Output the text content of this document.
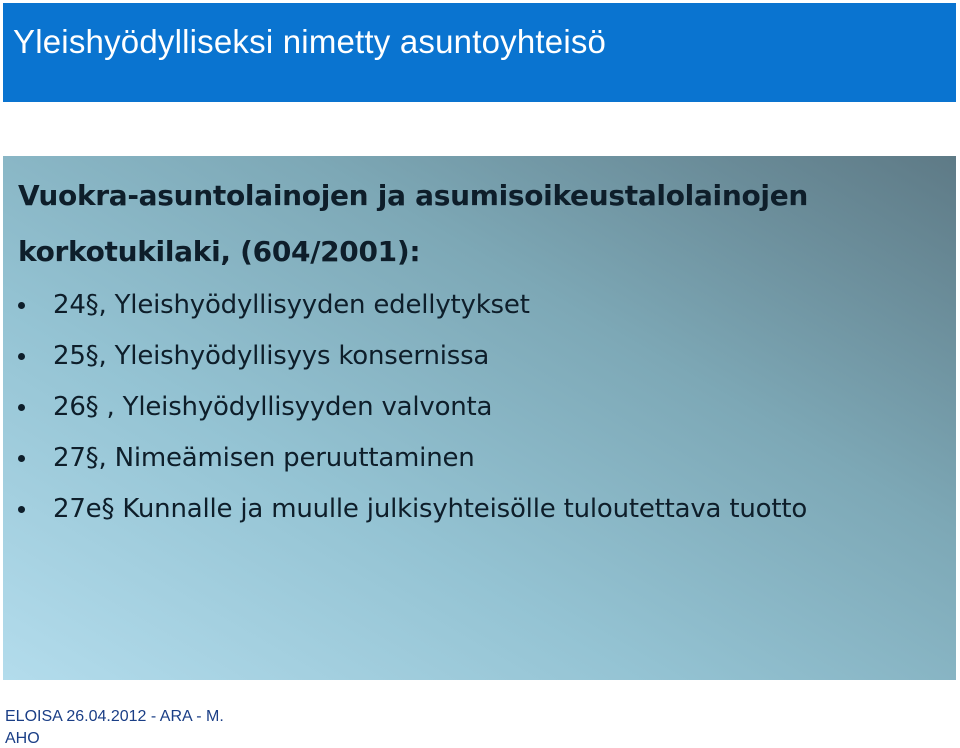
Yleishyödylliseksi nimetty asuntoyhteisö
Vuokra-asuntolainojen ja asumisoikeustalolainojen
korkotukilaki, (604/2001):
24§, Yleishyödyllisyyden edellytykset
25§, Yleishyödyllisyys konsernissa
26§ , Yleishyödyllisyyden valvonta
27§, Nimeämisen peruuttaminen
27e§ Kunnalle ja muulle julkisyhteisölle tuloutettava tuotto
ELOISA 26.04.2012 - ARA - M. AHO
